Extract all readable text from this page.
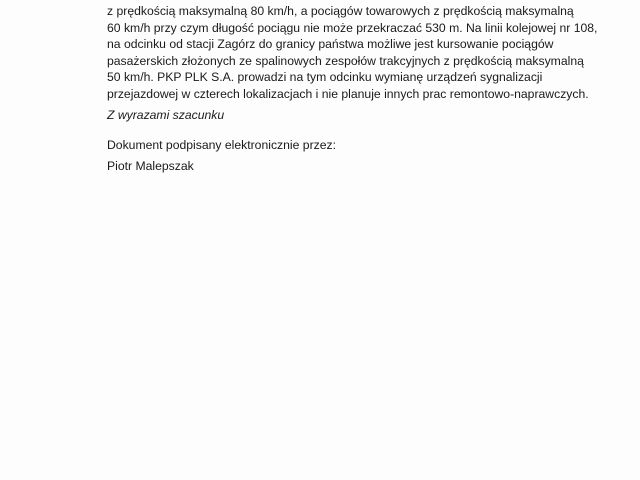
z prędkością maksymalną 80 km/h, a pociągów towarowych z prędkością maksymalną
60 km/h przy czym długość pociągu nie może przekraczać 530 m. Na linii kolejowej nr 108,
na odcinku od stacji Zagórz do granicy państwa możliwe jest kursowanie pociągów
pasażerskich złożonych ze spalinowych zespołów trakcyjnych z prędkością maksymalną
50 km/h. PKP PLK S.A. prowadzi na tym odcinku wymianę urządzeń sygnalizacji
przejazdowej w czterech lokalizacjach i nie planuje innych prac remontowo-naprawczych.
Z wyrazami szacunku
Dokument podpisany elektronicznie przez:
Piotr Malepszak
